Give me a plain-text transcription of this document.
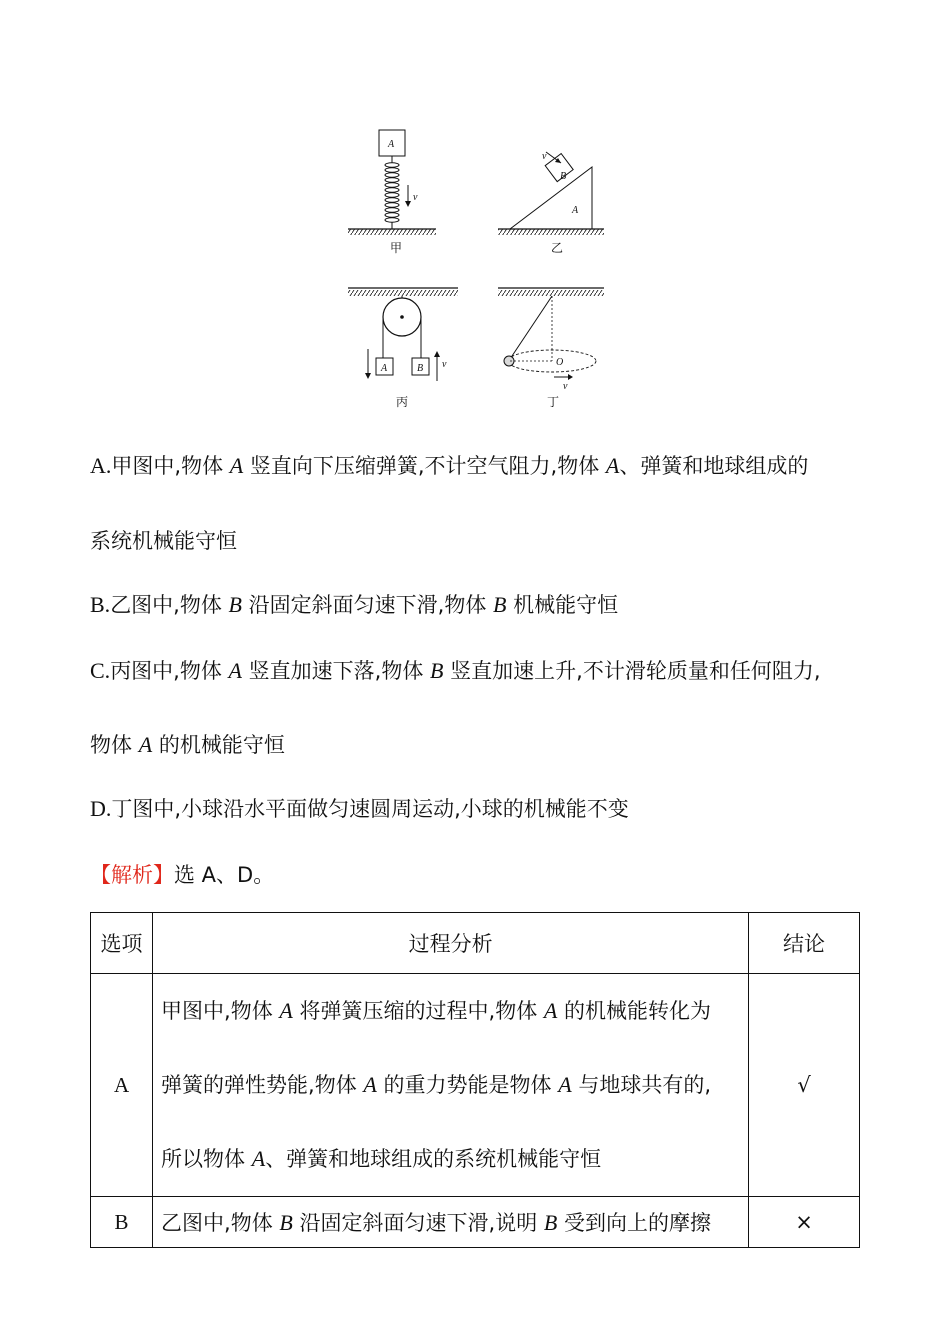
A
v
甲
A
B
v
乙
A	B v
丙
O
v
丁
A.甲图中,物体 A 竖直向下压缩弹簧,不计空气阻力,物体 A、弹簧和地球组成的
系统机械能守恒
B.乙图中,物体 B 沿固定斜面匀速下滑,物体 B 机械能守恒
C.丙图中,物体 A 竖直加速下落,物体 B 竖直加速上升,不计滑轮质量和任何阻力,
物体 A 的机械能守恒
D.丁图中,小球沿水平面做匀速圆周运动,小球的机械能不变
【解析】选 A、D。
选项	过程分析	结论
A	甲图中,物体 A 将弹簧压缩的过程中,物体 A 的机械能转化为
弹簧的弹性势能,物体 A 的重力势能是物体 A 与地球共有的,
所以物体 A、弹簧和地球组成的系统机械能守恒	√
B	乙图中,物体 B 沿固定斜面匀速下滑,说明 B 受到向上的摩擦	×
